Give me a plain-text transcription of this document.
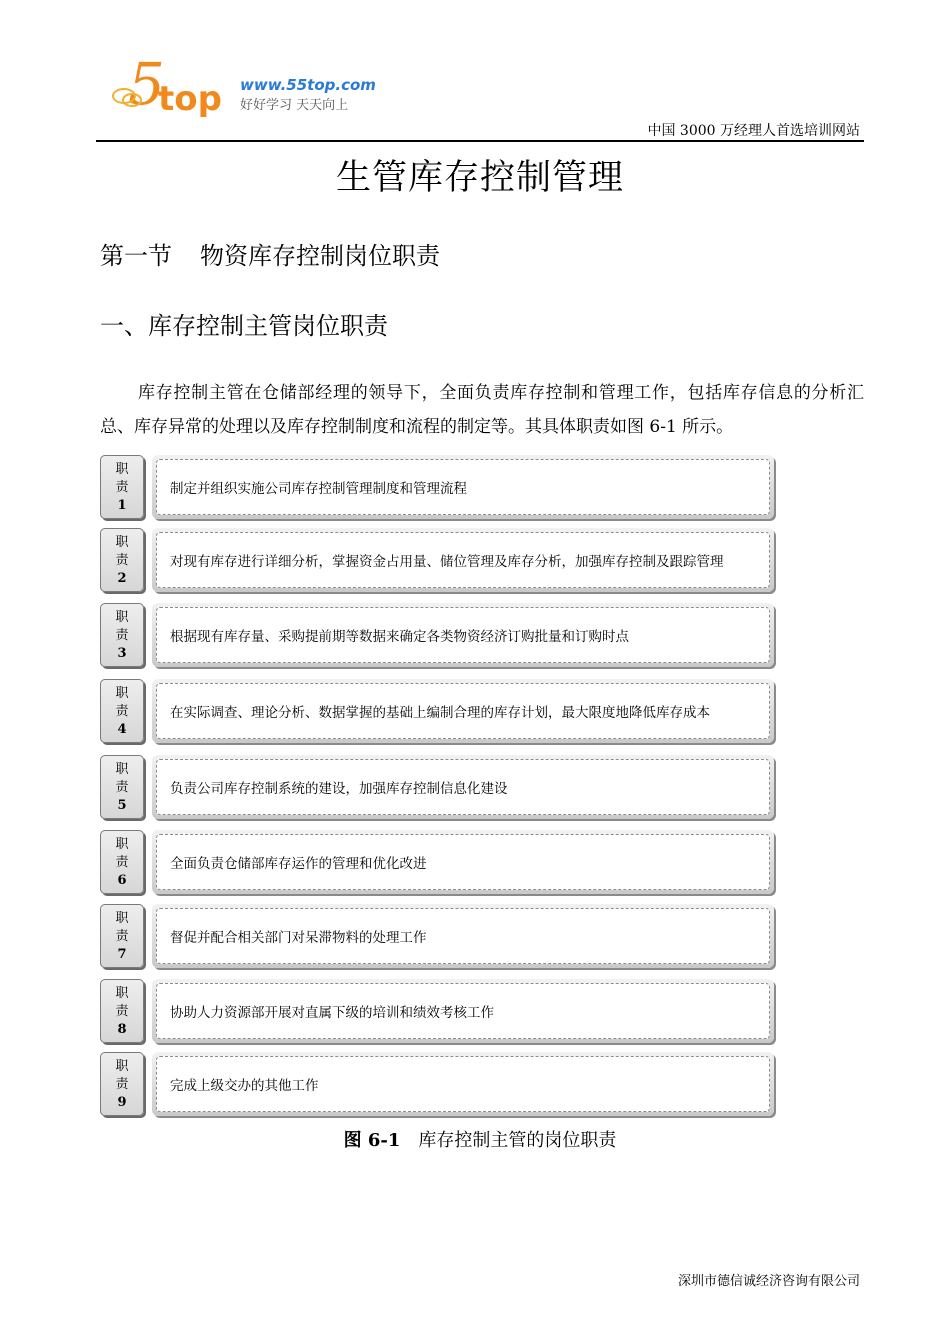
5
top www.55top.com
好好学习 天天向上
中国 3000 万经理人首选培训网站
生管库存控制管理
第一节 物资库存控制岗位职责
一、库存控制主管岗位职责
库存控制主管在仓储部经理的领导下，全面负责库存控制和管理工作，包括库存信息的分析汇总、库存异常的处理以及库存控制制度和流程的制定等。其具体职责如图 6-1 所示。
职
责
1
制定并组织实施公司库存控制管理制度和管理流程
职
责
2
对现有库存进行详细分析，掌握资金占用量、储位管理及库存分析，加强库存控制及跟踪管理
职
责
3
根据现有库存量、采购提前期等数据来确定各类物资经济订购批量和订购时点
职
责
4
在实际调查、理论分析、数据掌握的基础上编制合理的库存计划，最大限度地降低库存成本
职
责
5
负责公司库存控制系统的建设，加强库存控制信息化建设
职
责
6
全面负责仓储部库存运作的管理和优化改进
职
责
7
督促并配合相关部门对呆滞物料的处理工作
职
责
8
协助人力资源部开展对直属下级的培训和绩效考核工作
职
责
9
完成上级交办的其他工作
图 6-1 库存控制主管的岗位职责
深圳市德信诚经济咨询有限公司
